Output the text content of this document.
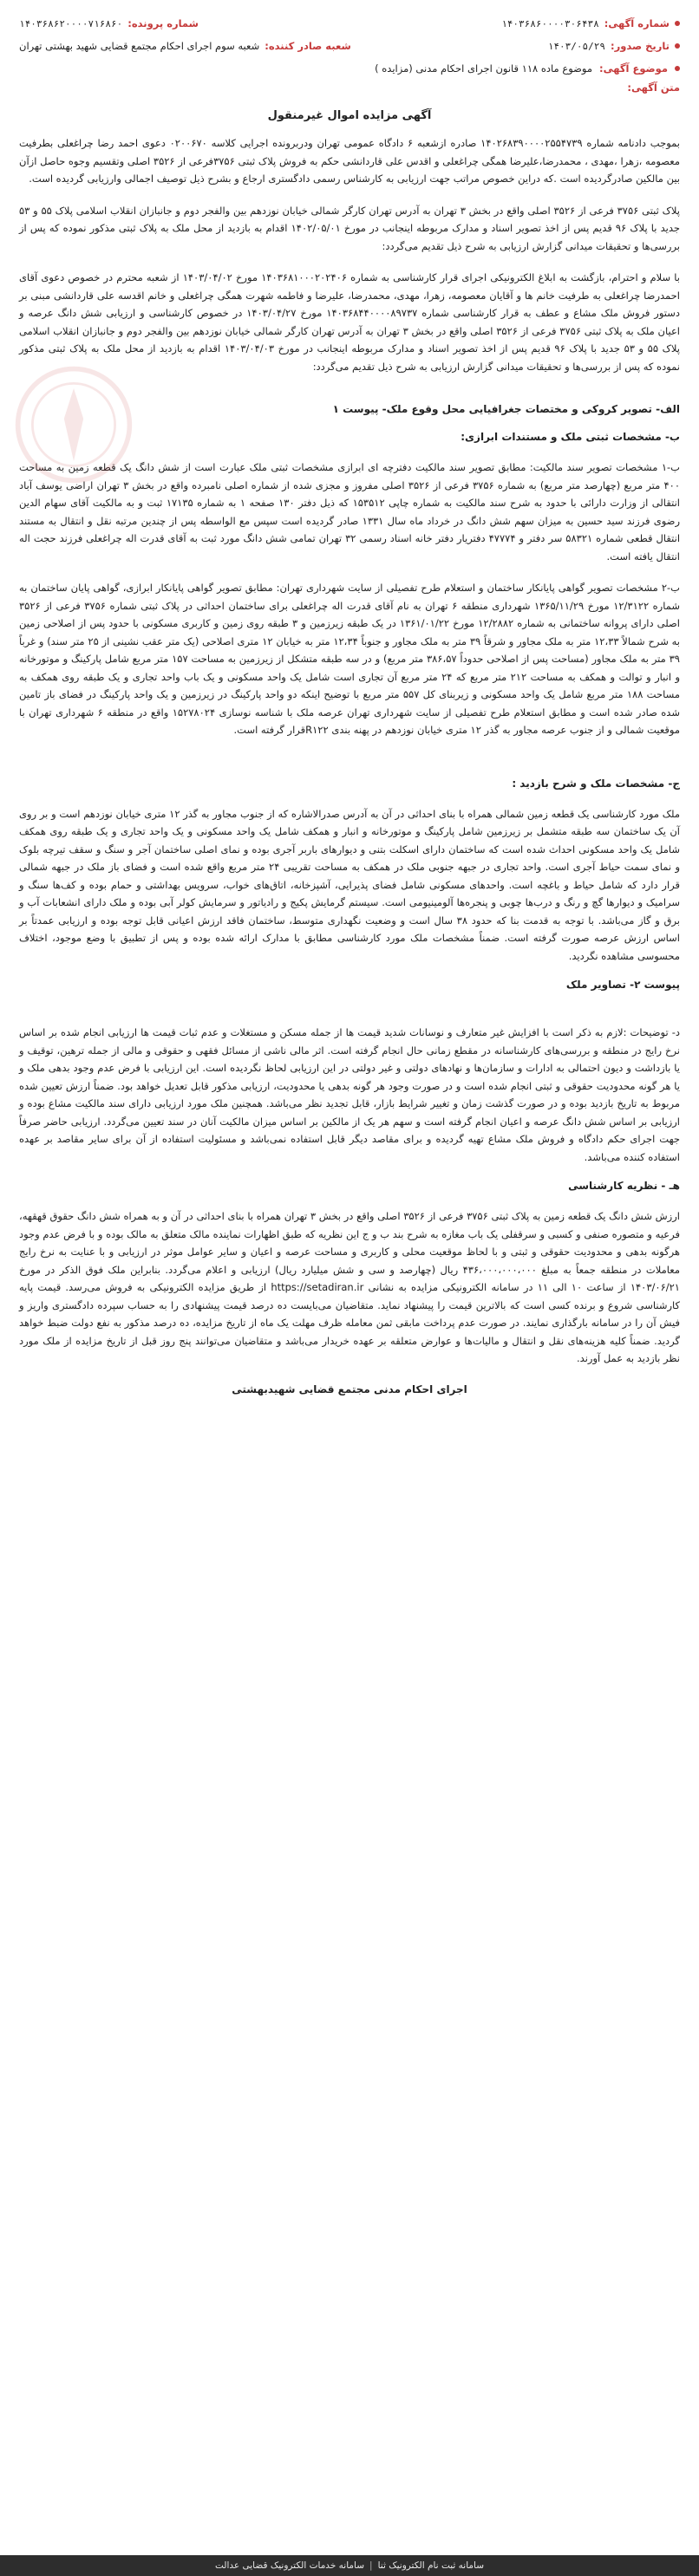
شماره آگهی:
۱۴۰۳۶۸۶۰۰۰۰۳۰۶۴۳۸
شماره پرونده:
۱۴۰۳۶۸۶۲۰۰۰۰۷۱۶۸۶۰
تاریخ صدور:
۱۴۰۳/۰۵/۲۹
شعبه صادر کننده:
شعبه سوم اجرای احکام مجتمع قضایی شهید بهشتی تهران
موضوع آگهی:
موضوع ماده ۱۱۸ قانون اجرای احکام مدنی (مزایده )
متن آگهی:
آگهی مزایده اموال غیرمنقول

بموجب دادنامه شماره ۱۴۰۲۶۸۳۹۰۰۰۰۲۵۵۴۷۳۹ صادره ازشعبه ۶ دادگاه عمومی تهران ودربرونده اجرایی کلاسه ۰۲۰۰۶۷۰ دعوی احمد رضا چراغعلی بطرفیت معصومه ،زهرا ،مهدی ، محمدرضا،علیرضا همگی چراغعلی و اقدس علی قاردانشی حکم به فروش پلاک ثبتی ۳۷۵۶فرعی از ۳۵۲۶ اصلی وتقسیم وجوه حاصل ازآن بین مالکین صادرگردیده است .که دراین خصوص مراتب جهت ارزیابی به کارشناس رسمی دادگستری ارجاع و بشرح ذیل توصیف اجمالی وارزیابی گردیده است.

پلاک ثبتی ۳۷۵۶ فرعی از ۳۵۲۶ اصلی واقع در بخش ۳ تهران به آدرس تهران کارگر شمالی خیابان نوزدهم بین والفجر دوم و جانبازان انقلاب اسلامی پلاک ۵۵ و ۵۳ جدید با پلاک ۹۶ قدیم پس از اخذ تصویر اسناد و مدارک مربوطه اینجانب در مورخ ۱۴۰۲/۰۵/۰۱ اقدام به بازدید از محل ملک به پلاک ثبتی مذکور نموده که پس از بررسی‌ها و تحقیقات میدانی گزارش ارزیابی به شرح ذیل تقدیم می‌گردد:

با سلام و احترام، بازگشت به ابلاغ الکترونیکی اجرای قرار کارشناسی به شماره ۱۴۰۳۶۸۱۰۰۰۲۰۲۴۰۶ مورخ ۱۴۰۳/۰۴/۰۲ از شعبه محترم در خصوص دعوی آقای احمدرضا چراغعلی به طرفیت خانم ها و آقایان معصومه، زهرا، مهدی، محمدرضا، علیرضا و فاطمه شهرت همگی چراغعلی و خانم اقدسه علی قاردانشی مبنی بر دستور فروش ملک مشاع و عطف به قرار کارشناسی شماره ۱۴۰۳۶۸۴۴۰۰۰۰۸۹۷۳۷ مورخ ۱۴۰۳/۰۴/۲۷ در خصوص کارشناسی و ارزیابی شش دانگ عرصه و اعیان ملک به پلاک ثبتی ۳۷۵۶ فرعی از ۳۵۲۶ اصلی واقع در بخش ۳ تهران به آدرس تهران کارگر شمالی خیابان نوزدهم بین والفجر دوم و جانبازان انقلاب اسلامی پلاک ۵۵ و ۵۳ جدید با پلاک ۹۶ قدیم پس از اخذ تصویر اسناد و مدارک مربوطه اینجانب در مورخ ۱۴۰۳/۰۴/۰۳ اقدام به بازدید از محل ملک به پلاک ثبتی مذکور نموده که پس از بررسی‌ها و تحقیقات میدانی گزارش ارزیابی به شرح ذیل تقدیم می‌گردد:

الف- تصویر کروکی و مختصات جغرافیایی محل وقوع ملک- پیوست ۱
ب- مشخصات ثبتی ملک و مستندات ابرازی:

ب-۱ مشخصات تصویر سند مالکیت: مطابق تصویر سند مالکیت دفترچه ای ابرازی مشخصات ثبتی ملک عبارت است از شش دانگ یک قطعه زمین به مساحت ۴۰۰ متر مربع (چهارصد متر مربع) به شماره ۳۷۵۶ فرعی از ۳۵۲۶ اصلی مفروز و مجزی شده از شماره اصلی نامبرده واقع در بخش ۳ تهران اراضی یوسف آباد انتقالی از وزارت دارائی با حدود به شرح سند مالکیت به شماره چاپی ۱۵۳۵۱۲ که ذیل دفتر ۱۳۰ صفحه ۱ به شماره ۱۷۱۳۵ ثبت و به مالکیت آقای سهام الدین رضوی فرزند سید حسین به میزان سهم شش دانگ در خرداد ماه سال ۱۳۳۱ صادر گردیده است سپس مع الواسطه پس از چندین مرتبه نقل و انتقال به مستند انتقال قطعی شماره ۵۸۳۲۱ سر دفتر و ۴۷۷۷۴ دفتریار دفتر خانه اسناد رسمی ۳۲ تهران تمامی شش دانگ مورد ثبت به آقای قدرت اله چراغعلی فرزند حجت اله انتقال یافته است.

ب-۲ مشخصات تصویر گواهی پایانکار ساختمان و استعلام طرح تفصیلی از سایت شهرداری تهران: مطابق تصویر گواهی پایانکار ابرازی، گواهی پایان ساختمان به شماره ۱۲/۳۱۲۲ مورخ ۱۳۶۵/۱۱/۲۹ شهرداری منطقه ۶ تهران به نام آقای قدرت اله چراغعلی برای ساختمان احداثی در پلاک ثبتی شماره ۳۷۵۶ فرعی از ۳۵۲۶ اصلی دارای پروانه ساختمانی به شماره ۱۲/۲۸۸۲ مورخ ۱۳۶۱/۰۱/۲۲ در یک طبقه زیرزمین و ۳ طبقه روی زمین و کاربری مسکونی با حدود پس از اصلاحی زمین به شرح شمالاً ۱۲،۳۳ متر به ملک مجاور و شرقاً ۳۹ متر به ملک مجاور و جنوباً ۱۲،۳۴ متر به خیابان ۱۲ متری اصلاحی (یک متر عقب نشینی از ۲۵ متر سند) و غرباً ۳۹ متر به ملک مجاور (مساحت پس از اصلاحی حدوداً ۳۸۶،۵۷ متر مربع) و در سه طبقه متشکل از زیرزمین به مساحت ۱۵۷ متر مربع شامل پارکینگ و موتورخانه و انبار و توالت و همکف به مساحت ۲۱۲ متر مربع که ۲۴ متر مربع آن تجاری است شامل یک واحد مسکونی و یک باب واحد تجاری و یک طبقه روی همکف به مساحت ۱۸۸ متر مربع شامل یک واحد مسکونی و زیربنای کل ۵۵۷ متر مربع با توضیح اینکه دو واحد پارکینگ در زیرزمین و یک واحد پارکینگ در فضای باز تامین شده صادر شده است و مطابق استعلام طرح تفصیلی از سایت شهرداری تهران عرصه ملک با شناسه نوسازی ۱۵۲۷۸۰۲۴ واقع در منطقه ۶ شهرداری تهران با موقعیت شمالی و از جنوب عرصه مجاور به گذر ۱۲ متری خیابان نوزدهم در پهنه بندی R۱۲۲قرار گرفته است.

ج- مشخصات ملک و شرح بازدید :

ملک مورد کارشناسی یک قطعه زمین شمالی همراه با بنای احداثی در آن به آدرس صدرالاشاره که از جنوب مجاور به گذر ۱۲ متری خیابان نوزدهم است و بر روی آن یک ساختمان سه طبقه متشمل بر زیرزمین شامل پارکینگ و موتورخانه و انبار و همکف شامل یک واحد مسکونی و یک واحد تجاری و یک طبقه روی همکف شامل یک واحد مسکونی احداث شده است که ساختمان دارای اسکلت بتنی و دیوارهای باربر آجری بوده و نمای اصلی ساختمان آجر و سنگ و سقف تیرچه بلوک و نمای سمت حیاط آجری است. واحد تجاری در جبهه جنوبی ملک در همکف به مساحت تقریبی ۲۴ متر مربع واقع شده است و فضای باز ملک در جبهه شمالی قرار دارد که شامل حیاط و باغچه است. واحدهای مسکونی شامل فضای پذیرایی، آشپزخانه، اتاق‌های خواب، سرویس بهداشتی و حمام بوده و کف‌ها سنگ و سرامیک و دیوارها گچ و رنگ و درب‌ها چوبی و پنجره‌ها آلومینیومی است. سیستم گرمایش پکیج و رادیاتور و سرمایش کولر آبی بوده و ملک دارای انشعابات آب و برق و گاز می‌باشد. با توجه به قدمت بنا که حدود ۳۸ سال است و وضعیت نگهداری متوسط، ساختمان فاقد ارزش اعیانی قابل توجه بوده و ارزیابی عمدتاً بر اساس ارزش عرصه صورت گرفته است. ضمناً مشخصات ملک مورد کارشناسی مطابق با مدارک ارائه شده بوده و پس از تطبیق با وضع موجود، اختلاف محسوسی مشاهده نگردید.

پیوست ۲- تصاویر ملک

د- توضیحات :لازم به ذکر است با افزایش غیر متعارف و نوسانات شدید قیمت ها از جمله مسکن و مستغلات و عدم ثبات قیمت ها ارزیابی انجام شده بر اساس نرخ رایج در منطقه و بررسی‌های کارشناسانه در مقطع زمانی حال انجام گرفته است. اثر مالی ناشی از مسائل فقهی و حقوقی و مالی از جمله ترهین، توقیف و یا بازداشت و دیون احتمالی به ادارات و سازمان‌ها و نهادهای دولتی و غیر دولتی در این ارزیابی لحاظ نگردیده است. این ارزیابی با فرض عدم وجود بدهی ملک و یا هر گونه محدودیت حقوقی و ثبتی انجام شده است و در صورت وجود هر گونه بدهی یا محدودیت، ارزیابی مذکور قابل تعدیل خواهد بود. ضمناً ارزش تعیین شده مربوط به تاریخ بازدید بوده و در صورت گذشت زمان و تغییر شرایط بازار، قابل تجدید نظر می‌باشد. همچنین ملک مورد ارزیابی دارای سند مالکیت مشاع بوده و ارزیابی بر اساس شش دانگ عرصه و اعیان انجام گرفته است و سهم هر یک از مالکین بر اساس میزان مالکیت آنان در سند تعیین می‌گردد. ارزیابی حاضر صرفاً جهت اجرای حکم دادگاه و فروش ملک مشاع تهیه گردیده و برای مقاصد دیگر قابل استفاده نمی‌باشد و مسئولیت استفاده از آن برای سایر مقاصد بر عهده استفاده کننده می‌باشد.

هـ - نظریه کارشناسی

ارزش شش دانگ یک قطعه زمین به پلاک ثبتی ۳۷۵۶ فرعی از ۳۵۲۶ اصلی واقع در بخش ۳ تهران همراه با بنای احداثی در آن و به همراه شش دانگ حقوق قهقهه، فرعیه و متصوره صنفی و کسبی و سرقفلی یک باب مغازه به شرح بند ب و ج این نظریه که طبق اظهارات نماینده مالک متعلق به مالک بوده و با فرض عدم وجود هرگونه بدهی و محدودیت حقوقی و ثبتی و با لحاظ موقعیت محلی و کاربری و مساحت عرصه و اعیان و سایر عوامل موثر در ارزیابی و با عنایت به نرخ رایج معاملات در منطقه جمعاً به مبلغ ۴۳۶،۰۰۰،۰۰۰،۰۰۰ ریال (چهارصد و سی و شش میلیارد ریال) ارزیابی و اعلام می‌گردد. بنابراین ملک فوق الذکر در مورخ ۱۴۰۳/۰۶/۲۱ از ساعت ۱۰ الی ۱۱ در سامانه الکترونیکی مزایده به نشانی https://setadiran.ir از طریق مزایده الکترونیکی به فروش می‌رسد. قیمت پایه کارشناسی شروع و برنده کسی است که بالاترین قیمت را پیشنهاد نماید. متقاضیان می‌بایست ده درصد قیمت پیشنهادی را به حساب سپرده دادگستری واریز و فیش آن را در سامانه بارگذاری نمایند. در صورت عدم پرداخت مابقی ثمن معامله ظرف مهلت یک ماه از تاریخ مزایده، ده درصد مذکور به نفع دولت ضبط خواهد گردید. ضمناً کلیه هزینه‌های نقل و انتقال و مالیات‌ها و عوارض متعلقه بر عهده خریدار می‌باشد و متقاضیان می‌توانند پنج روز قبل از تاریخ مزایده از ملک مورد نظر بازدید به عمل آورند.

اجرای احکام مدنی مجتمع قضایی شهیدبهشتی
سامانه ثبت نام الکترونیک ثنا
|
سامانه خدمات الکترونیک قضایی عدالت
